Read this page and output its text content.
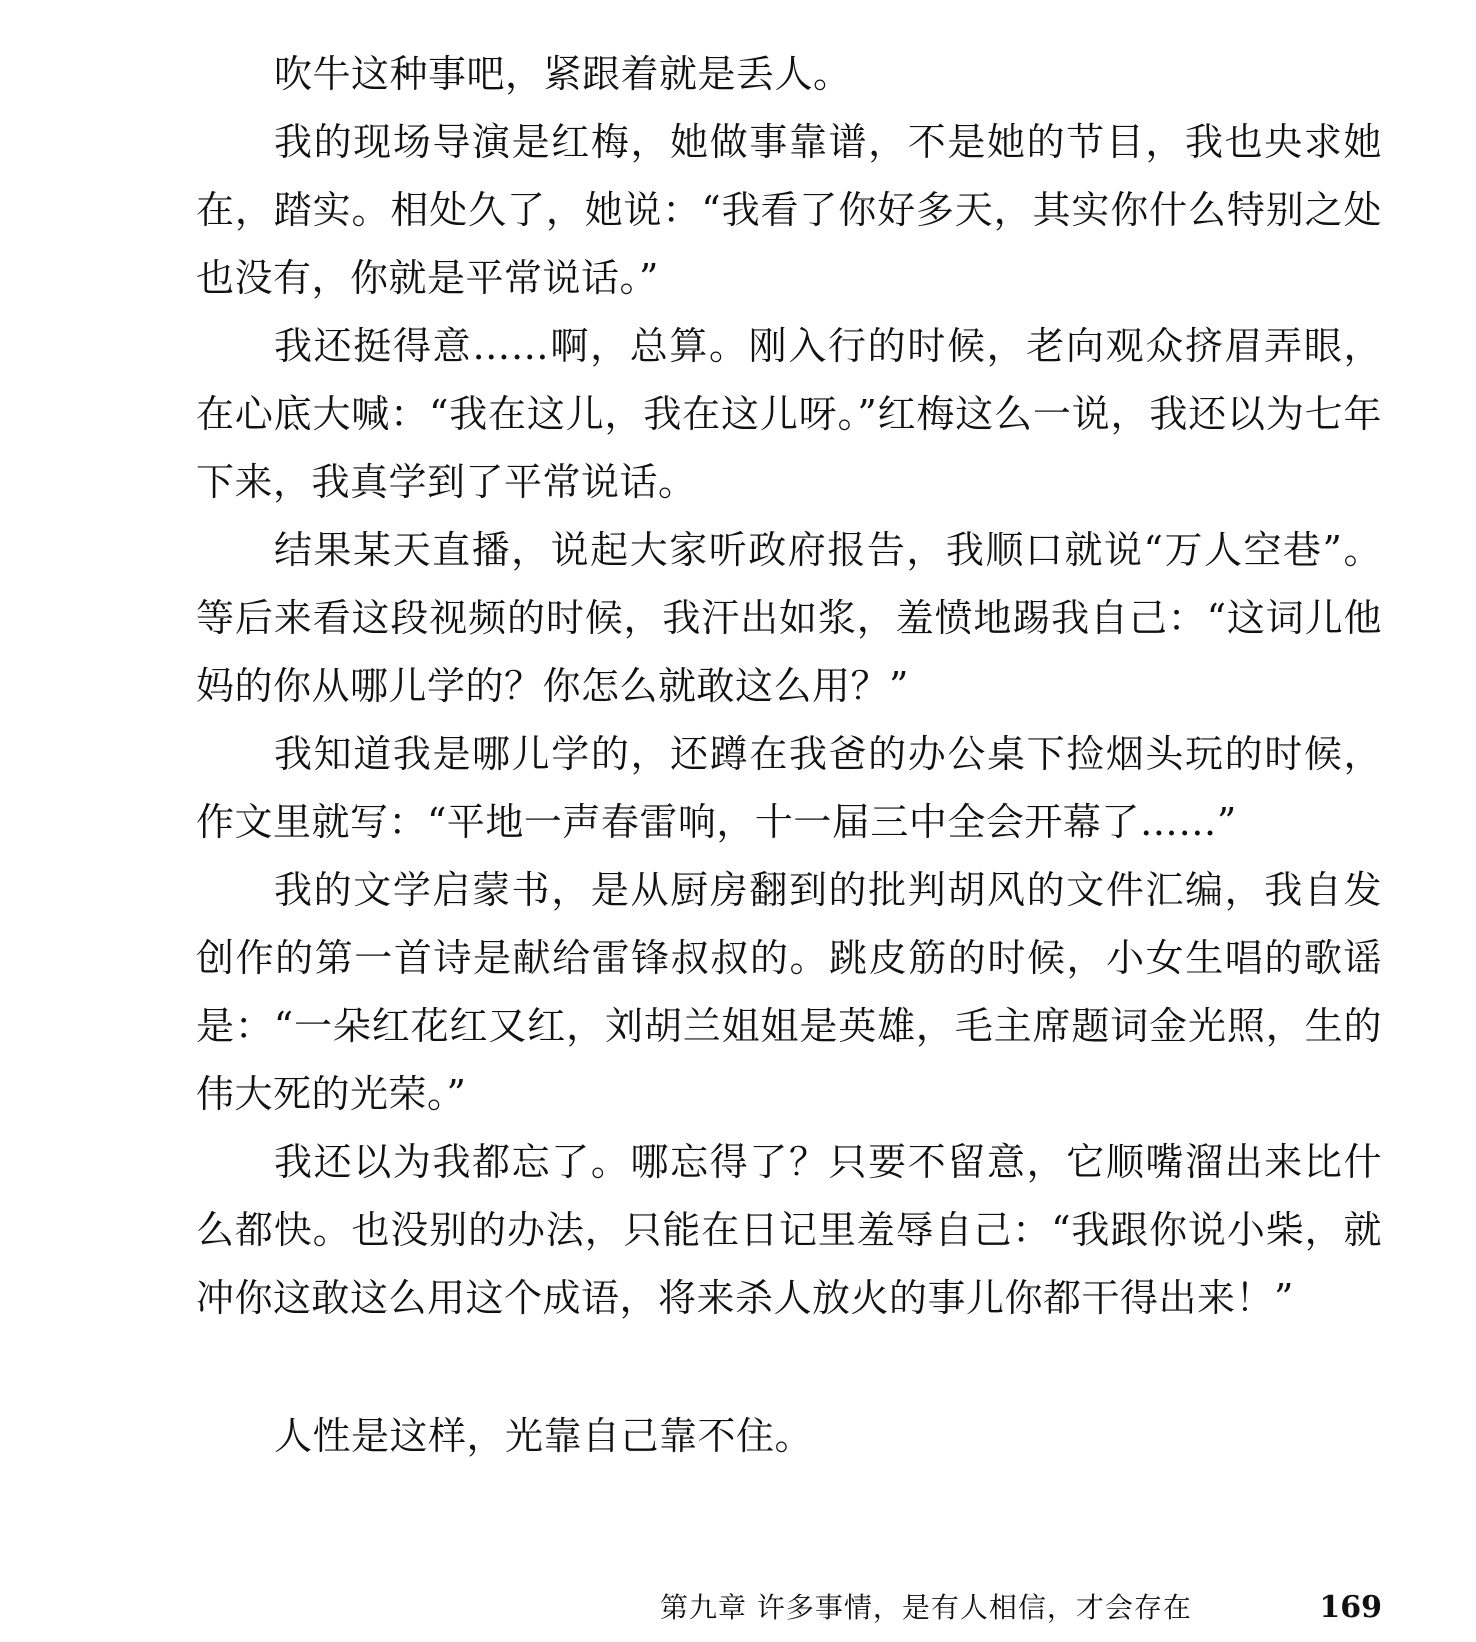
吹牛这种事吧，紧跟着就是丢人。

我的现场导演是红梅，她做事靠谱，不是她的节目，我也央求她在，踏实。相处久了，她说：“我看了你好多天，其实你什么特别之处也没有，你就是平常说话。”

我还挺得意……啊，总算。刚入行的时候，老向观众挤眉弄眼，在心底大喊：“我在这儿，我在这儿呀。”红梅这么一说，我还以为七年下来，我真学到了平常说话。

结果某天直播，说起大家听政府报告，我顺口就说“万人空巷”。等后来看这段视频的时候，我汗出如浆，羞愤地踢我自己：“这词儿他妈的你从哪儿学的？你怎么就敢这么用？”

我知道我是哪儿学的，还蹲在我爸的办公桌下捡烟头玩的时候，作文里就写：“平地一声春雷响，十一届三中全会开幕了……”

我的文学启蒙书，是从厨房翻到的批判胡风的文件汇编，我自发创作的第一首诗是献给雷锋叔叔的。跳皮筋的时候，小女生唱的歌谣是：“一朵红花红又红，刘胡兰姐姐是英雄，毛主席题词金光照，生的伟大死的光荣。”

我还以为我都忘了。哪忘得了？只要不留意，它顺嘴溜出来比什么都快。也没别的办法，只能在日记里羞辱自己：“我跟你说小柴，就冲你这敢这么用这个成语，将来杀人放火的事儿你都干得出来！”

人性是这样，光靠自己靠不住。

第九章 许多事情，是有人相信，才会存在	169
